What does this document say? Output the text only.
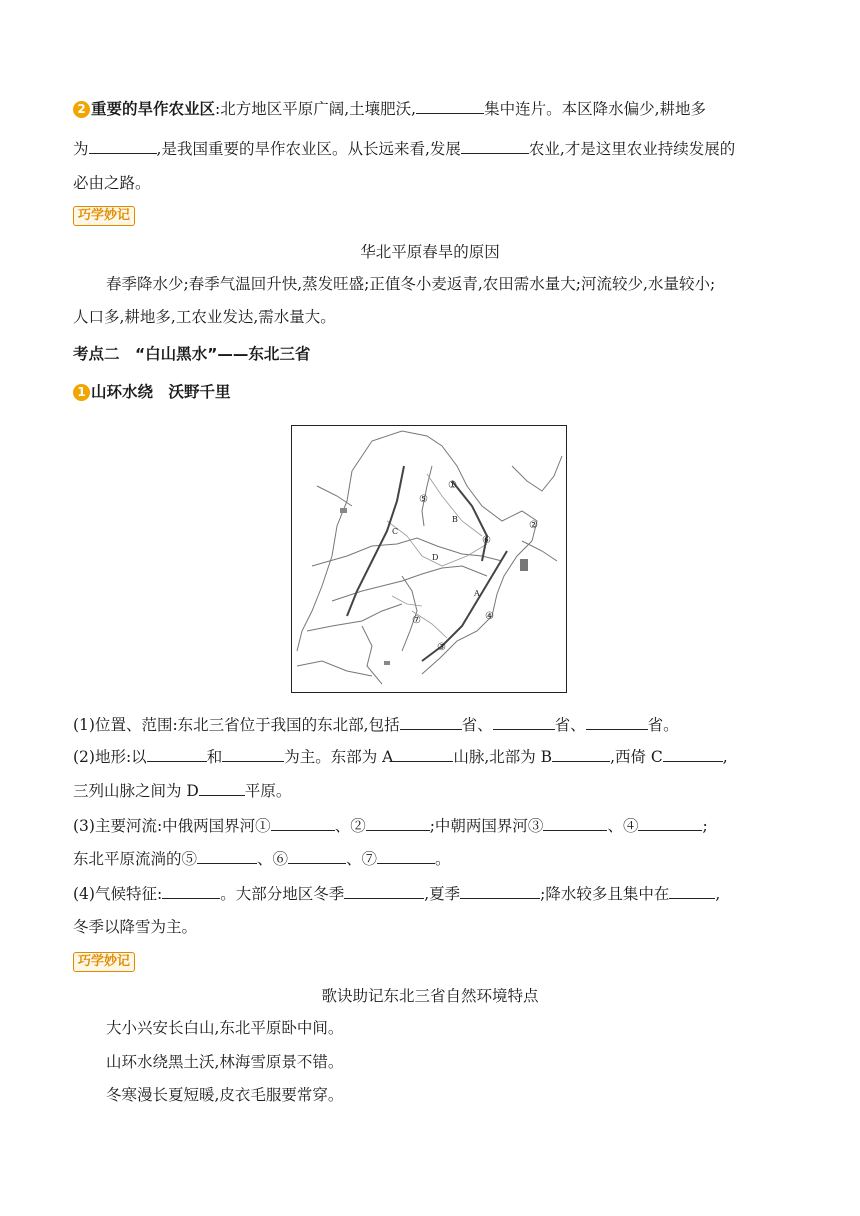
2 重要的旱作农业区:北方地区平原广阔,土壤肥沃,	集中连片。本区降水偏少,耕地多
为	,是我国重要的旱作农业区。从长远来看,发展	农业,才是这里农业持续发展的
必由之路。
巧学妙记
华北平原春旱的原因
春季降水少;春季气温回升快,蒸发旺盛;正值冬小麦返青,农田需水量大;河流较少,水量较小;
人口多,耕地多,工农业发达,需水量大。
考点二　“白山黑水”——东北三省
1 山环水绕　沃野千里
①
②
③
④
⑤
⑥
⑦
A
B
C
D
(1)位置、范围:东北三省位于我国的东北部,包括	省、	省、	省。
(2)地形:以	和	为主。东部为 A	山脉,北部为 B	,西倚 C	,
三列山脉之间为 D	平原。
(3)主要河流:中俄两国界河①	、②	;中朝两国界河③	、④	;
东北平原流淌的⑤	、⑥	、⑦	。
(4)气候特征:	。大部分地区冬季	,夏季	;降水较多且集中在	,
冬季以降雪为主。
巧学妙记
歌诀助记东北三省自然环境特点
大小兴安长白山,东北平原卧中间。
山环水绕黑土沃,林海雪原景不错。
冬寒漫长夏短暖,皮衣毛服要常穿。
